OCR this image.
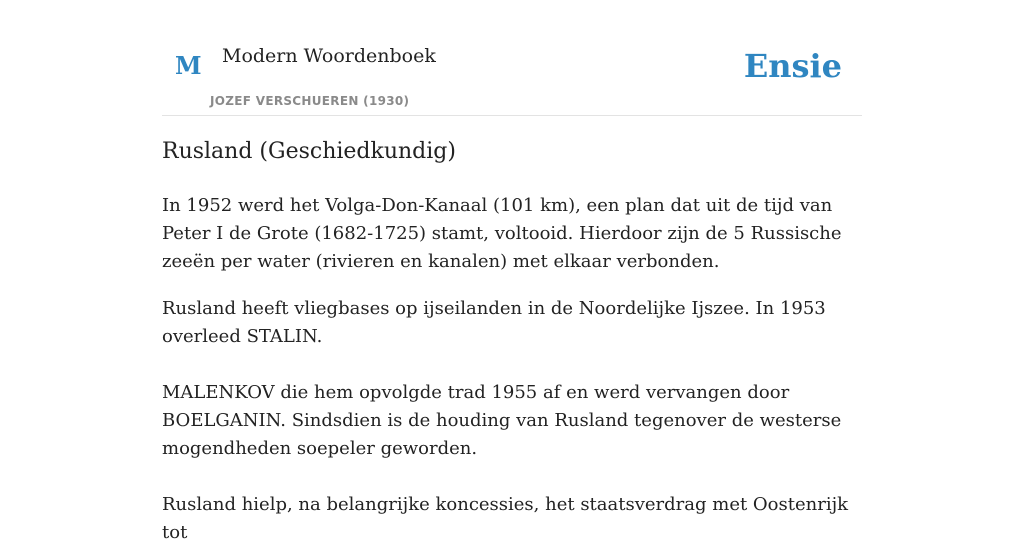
M Modern Woordenboek
JOZEF VERSCHUEREN (1930)
Ensie
Rusland (Geschiedkundig)

In 1952 werd het Volga-Don-Kanaal (101 km), een plan dat uit de tijd van Peter I de Grote (1682-1725) stamt, voltooid. Hierdoor zijn de 5 Russische zeeën per water (rivieren en kanalen) met elkaar verbonden.

Rusland heeft vliegbases op ijseilanden in de Noordelijke Ijszee. In 1953 overleed STALIN.

MALENKOV die hem opvolgde trad 1955 af en werd vervangen door BOELGANIN. Sindsdien is de houding van Rusland tegenover de westerse mogendheden soepeler geworden.

Rusland hielp, na belangrijke koncessies, het staatsverdrag met Oostenrijk tot
